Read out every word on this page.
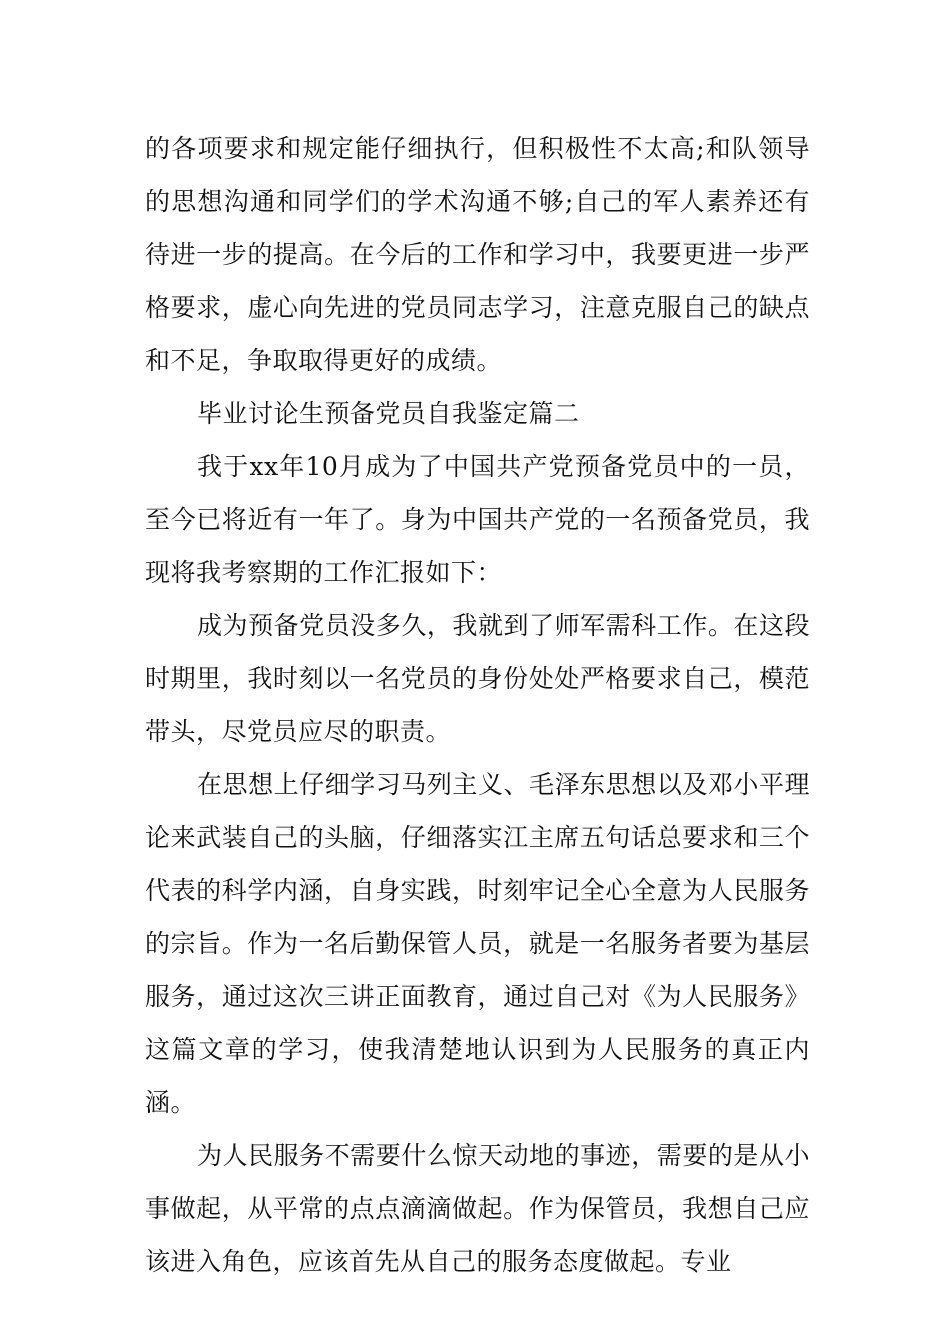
的各项要求和规定能仔细执行，但积极性不太高;和队领导的思想沟通和同学们的学术沟通不够;自己的军人素养还有待进一步的提高。在今后的工作和学习中，我要更进一步严格要求，虚心向先进的党员同志学习，注意克服自己的缺点和不足，争取取得更好的成绩。

毕业讨论生预备党员自我鉴定篇二

我于xx年10月成为了中国共产党预备党员中的一员，至今已将近有一年了。身为中国共产党的一名预备党员，我现将我考察期的工作汇报如下：

成为预备党员没多久，我就到了师军需科工作。在这段时期里，我时刻以一名党员的身份处处严格要求自己，模范带头，尽党员应尽的职责。

在思想上仔细学习马列主义、毛泽东思想以及邓小平理论来武装自己的头脑，仔细落实江主席五句话总要求和三个代表的科学内涵，自身实践，时刻牢记全心全意为人民服务的宗旨。作为一名后勤保管人员，就是一名服务者要为基层服务，通过这次三讲正面教育，通过自己对《为人民服务》这篇文章的学习，使我清楚地认识到为人民服务的真正内涵。

为人民服务不需要什么惊天动地的事迹，需要的是从小事做起，从平常的点点滴滴做起。作为保管员，我想自己应该进入角色，应该首先从自己的服务态度做起。专业
